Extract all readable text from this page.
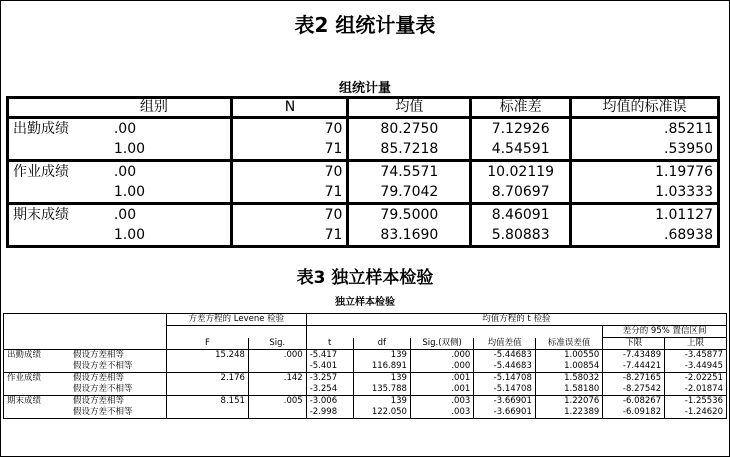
表2 组统计量表
组统计量
	组别	N	均值	标准差	均值的标准误
出勤成绩	.00	70	80.2750	7.12926	.85211
	1.00	71	85.7218	4.54591	.53950
作业成绩	.00	70	74.5571	10.02119	1.19776
	1.00	71	79.7042	8.70697	1.03333
期末成绩	.00	70	79.5000	8.46091	1.01127
	1.00	71	83.1690	5.80883	.68938
表3 独立样本检验
独立样本检验
		方差方程的 Levene 检验		均值方程的 t 检验						
									差分的 95% 置信区间	
		F	Sig.	t	df	Sig.(双侧)	均值差值	标准误差值	下限	上限
出勤成绩	假设方差相等	15.248	.000	-5.417	139	.000	-5.44683	1.00550	-7.43489	-3.45877
	假设方差不相等			-5.401	116.891	.000	-5.44683	1.00854	-7.44421	-3.44945
作业成绩	假设方差相等	2.176	.142	-3.257	139	.001	-5.14708	1.58032	-8.27165	-2.02251
	假设方差不相等			-3.254	135.788	.001	-5.14708	1.58180	-8.27542	-2.01874
期末成绩	假设方差相等	8.151	.005	-3.006	139	.003	-3.66901	1.22076	-6.08267	-1.25536
	假设方差不相等			-2.998	122.050	.003	-3.66901	1.22389	-6.09182	-1.24620
